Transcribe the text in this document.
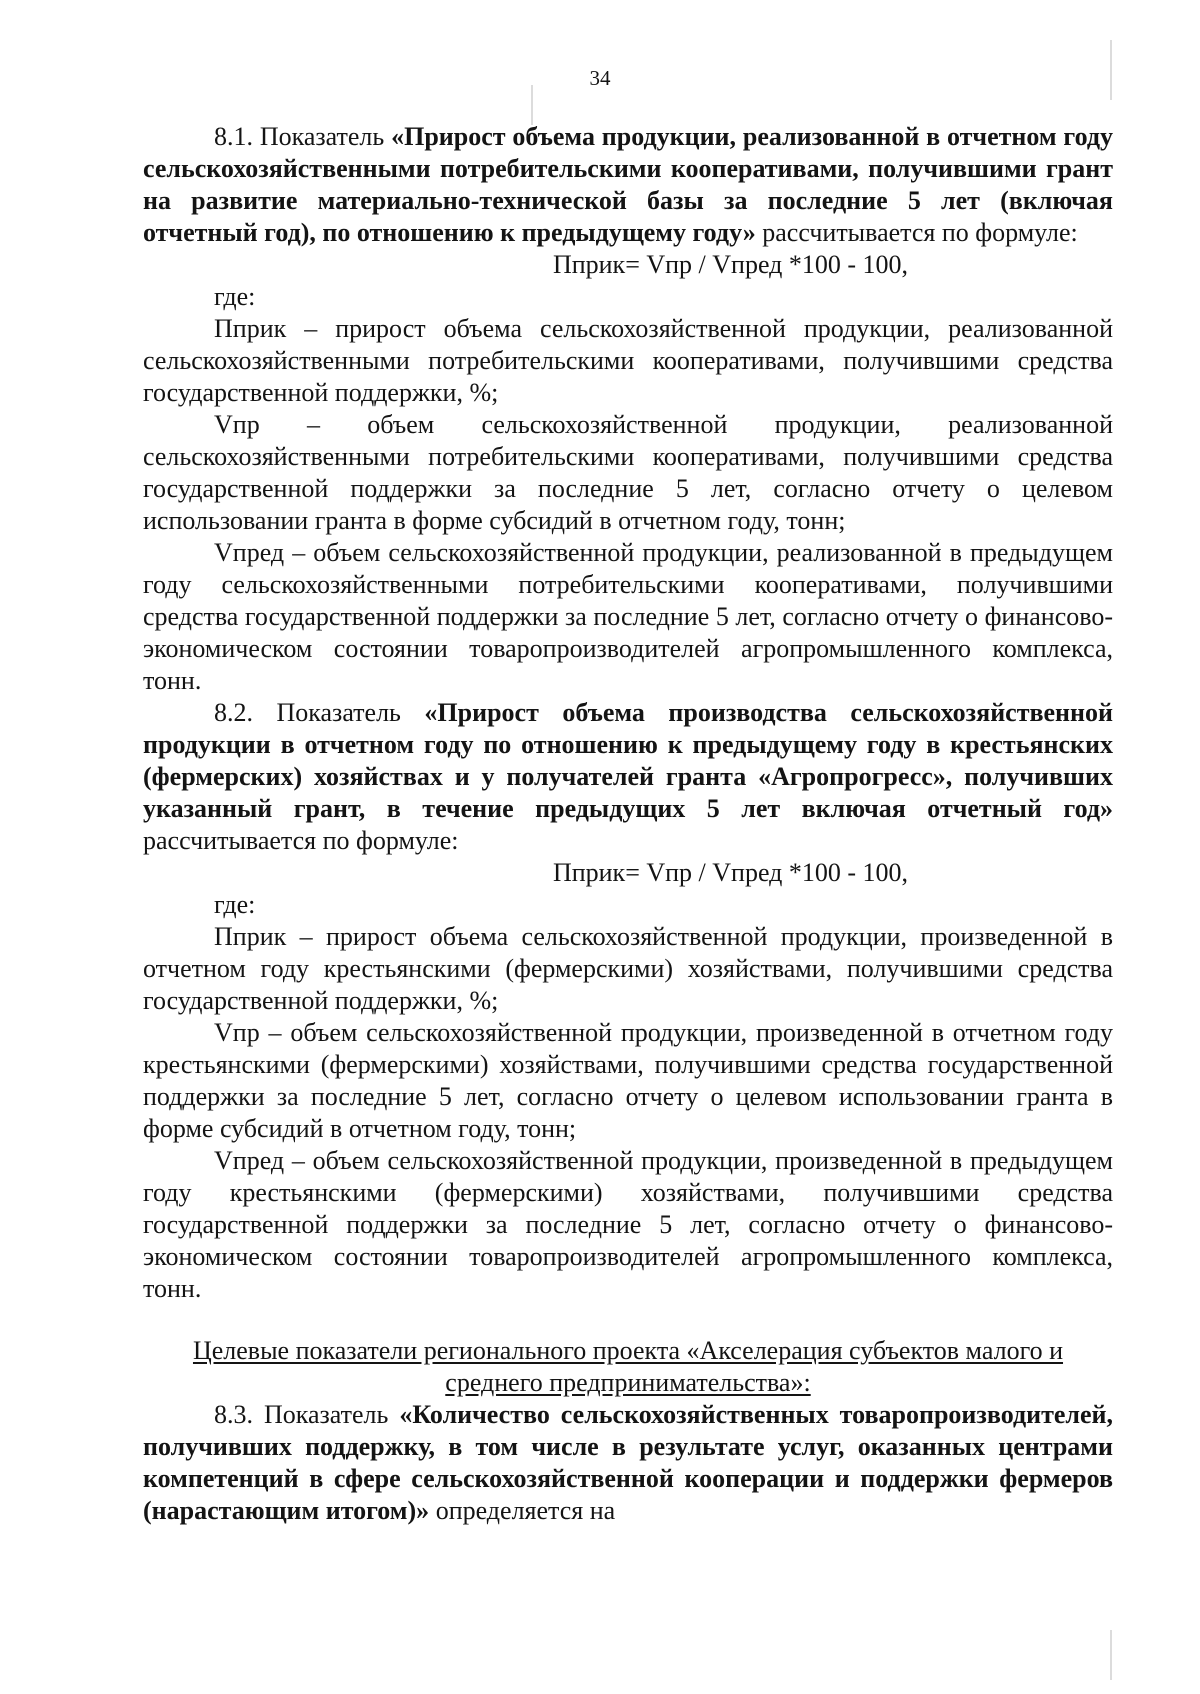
34

8.1. Показатель «Прирост объема продукции, реализованной в отчетном году сельскохозяйственными потребительскими кооперативами, получившими грант на развитие материально-технической базы за последние 5 лет (включая отчетный год), по отношению к предыдущему году» рассчитывается по формуле:

Пприк= Vпр / Vпред *100 - 100,

где:

Пприк – прирост объема сельскохозяйственной продукции, реализованной сельскохозяйственными потребительскими кооперативами, получившими средства государственной поддержки, %;

Vпр – объем сельскохозяйственной продукции, реализованной сельскохозяйственными потребительскими кооперативами, получившими средства государственной поддержки за последние 5 лет, согласно отчету о целевом использовании гранта в форме субсидий в отчетном году, тонн;

Vпред – объем сельскохозяйственной продукции, реализованной в предыдущем году сельскохозяйственными потребительскими кооперативами, получившими средства государственной поддержки за последние 5 лет, согласно отчету о финансово-экономическом состоянии товаропроизводителей агропромышленного комплекса, тонн.

8.2. Показатель «Прирост объема производства сельскохозяйственной продукции в отчетном году по отношению к предыдущему году в крестьянских (фермерских) хозяйствах и у получателей гранта «Агропрогресс», получивших указанный грант, в течение предыдущих 5 лет включая отчетный год» рассчитывается по формуле:

Пприк= Vпр / Vпред *100 - 100,

где:

Пприк – прирост объема сельскохозяйственной продукции, произведенной в отчетном году крестьянскими (фермерскими) хозяйствами, получившими средства государственной поддержки, %;

Vпр – объем сельскохозяйственной продукции, произведенной в отчетном году крестьянскими (фермерскими) хозяйствами, получившими средства государственной поддержки за последние 5 лет, согласно отчету о целевом использовании гранта в форме субсидий в отчетном году, тонн;

Vпред – объем сельскохозяйственной продукции, произведенной в предыдущем году крестьянскими (фермерскими) хозяйствами, получившими средства государственной поддержки за последние 5 лет, согласно отчету о финансово-экономическом состоянии товаропроизводителей агропромышленного комплекса, тонн.

Целевые показатели регионального проекта «Акселерация субъектов малого и среднего предпринимательства»:

8.3. Показатель «Количество сельскохозяйственных товаропроизводителей, получивших поддержку, в том числе в результате услуг, оказанных центрами компетенций в сфере сельскохозяйственной кооперации и поддержки фермеров (нарастающим итогом)» определяется на
